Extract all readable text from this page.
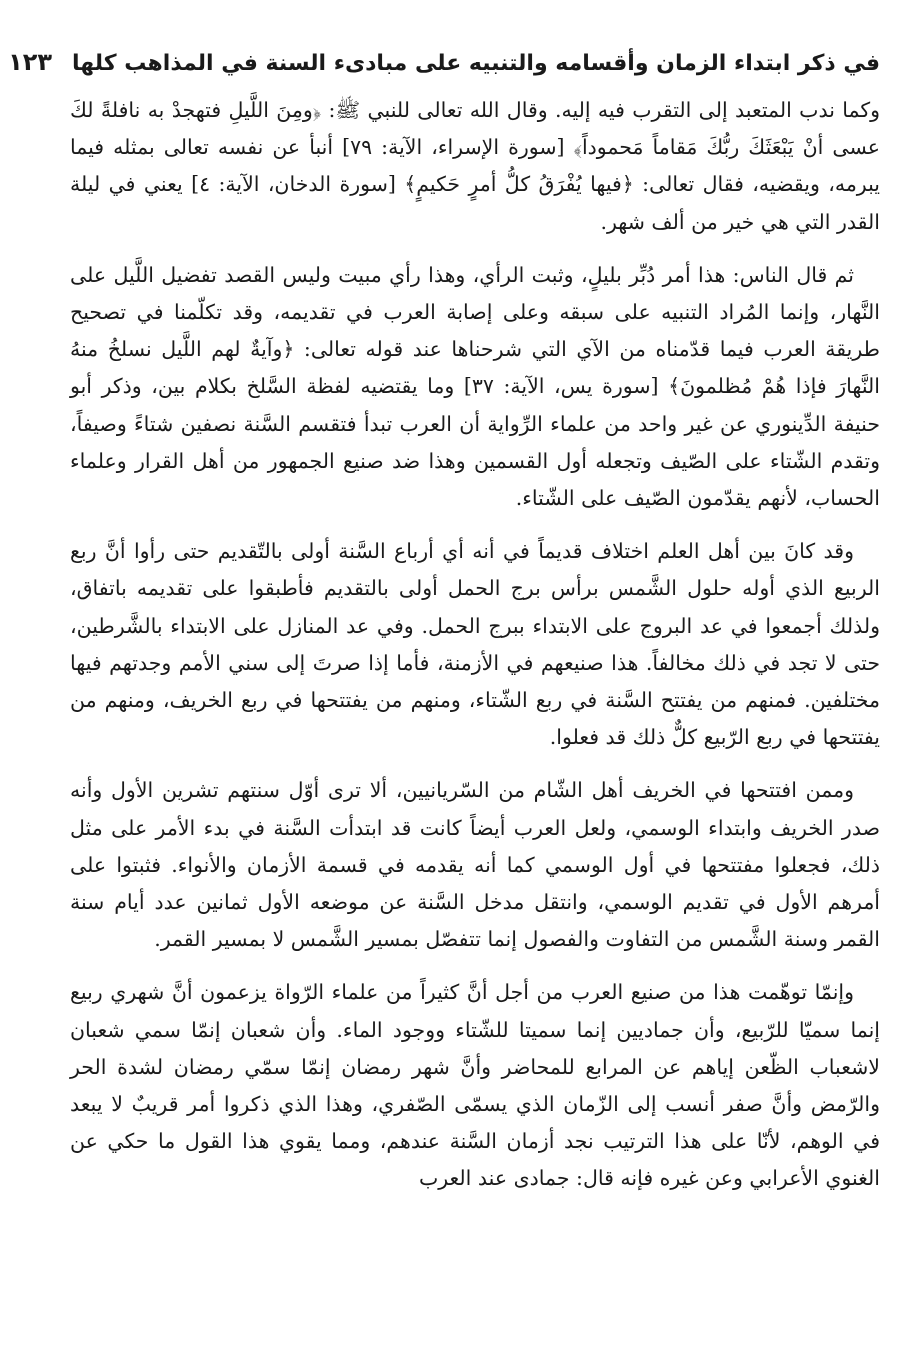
في ذكر ابتداء الزمان وأقسامه والتنبيه على مبادىء السنة في المذاهب كلها
١٢٣

وكما ندب المتعبد إلى التقرب فيه إليه. وقال الله تعالى للنبي ﷺ: ﴿ومِنَ اللَّيلِ فتهجدْ به نافلةً لكَ عسى أنْ يَبْعَثَكَ ربُّكَ مَقاماً مَحموداً﴾ [سورة الإسراء، الآية: ٧٩] أنبأ عن نفسه تعالى بمثله فيما يبرمه، ويقضيه، فقال تعالى: ﴿فيها يُفْرَقُ كلُّ أمرٍ حَكيمٍ﴾ [سورة الدخان، الآية: ٤] يعني في ليلة القدر التي هي خير من ألف شهر.

ثم قال الناس: هذا أمر دُبِّر بليلٍ، وثبت الرأي، وهذا رأي مبيت وليس القصد تفضيل اللَّيل على النَّهار، وإنما المُراد التنبيه على سبقه وعلى إصابة العرب في تقديمه، وقد تكلّمنا في تصحيح طريقة العرب فيما قدّمناه من الآي التي شرحناها عند قوله تعالى: ﴿وآيةٌ لهم اللَّيل نسلخُ منهُ النَّهارَ فإذا هُمْ مُظلمونَ﴾ [سورة يس، الآية: ٣٧] وما يقتضيه لفظة السَّلخ بكلام بين، وذكر أبو حنيفة الدِّينوري عن غير واحد من علماء الرِّواية أن العرب تبدأ فتقسم السَّنة نصفين شتاءً وصيفاً، وتقدم الشّتاء على الصّيف وتجعله أول القسمين وهذا ضد صنيع الجمهور من أهل القرار وعلماء الحساب، لأنهم يقدّمون الصّيف على الشّتاء.

وقد كانَ بين أهل العلم اختلاف قديماً في أنه أي أرباع السَّنة أولى بالتّقديم حتى رأوا أنَّ ربع الربيع الذي أوله حلول الشَّمس برأس برج الحمل أولى بالتقديم فأطبقوا على تقديمه باتفاق، ولذلك أجمعوا في عد البروج على الابتداء ببرج الحمل. وفي عد المنازل على الابتداء بالشَّرطين، حتى لا تجد في ذلك مخالفاً. هذا صنيعهم في الأزمنة، فأما إذا صرتَ إلى سني الأمم وجدتهم فيها مختلفين. فمنهم من يفتتح السَّنة في ربع الشّتاء، ومنهم من يفتتحها في ربع الخريف، ومنهم من يفتتحها في ربع الرّبيع كلٌّ ذلك قد فعلوا.

وممن افتتحها في الخريف أهل الشّام من السّريانيين، ألا ترى أوّل سنتهم تشرين الأول وأنه صدر الخريف وابتداء الوسمي، ولعل العرب أيضاً كانت قد ابتدأت السَّنة في بدء الأمر على مثل ذلك، فجعلوا مفتتحها في أول الوسمي كما أنه يقدمه في قسمة الأزمان والأنواء. فثبتوا على أمرهم الأول في تقديم الوسمي، وانتقل مدخل السَّنة عن موضعه الأول ثمانين عدد أيام سنة القمر وسنة الشَّمس من التفاوت والفصول إنما تتفصّل بمسير الشَّمس لا بمسير القمر.

وإنمّا توهّمت هذا من صنيع العرب من أجل أنَّ كثيراً من علماء الرّواة يزعمون أنَّ شهري ربيع إنما سميّا للرّبيع، وأن جماديين إنما سميتا للشّتاء ووجود الماء. وأن شعبان إنمّا سمي شعبان لاشعباب الظّعن إياهم عن المرابع للمحاضر وأنَّ شهر رمضان إنمّا سمّي رمضان لشدة الحر والرّمض وأنَّ صفر أنسب إلى الزّمان الذي يسمّى الصّفري، وهذا الذي ذكروا أمر قريبٌ لا يبعد في الوهم، لأنّا على هذا الترتيب نجد أزمان السَّنة عندهم، ومما يقوي هذا القول ما حكي عن الغنوي الأعرابي وعن غيره فإنه قال: جمادى عند العرب
